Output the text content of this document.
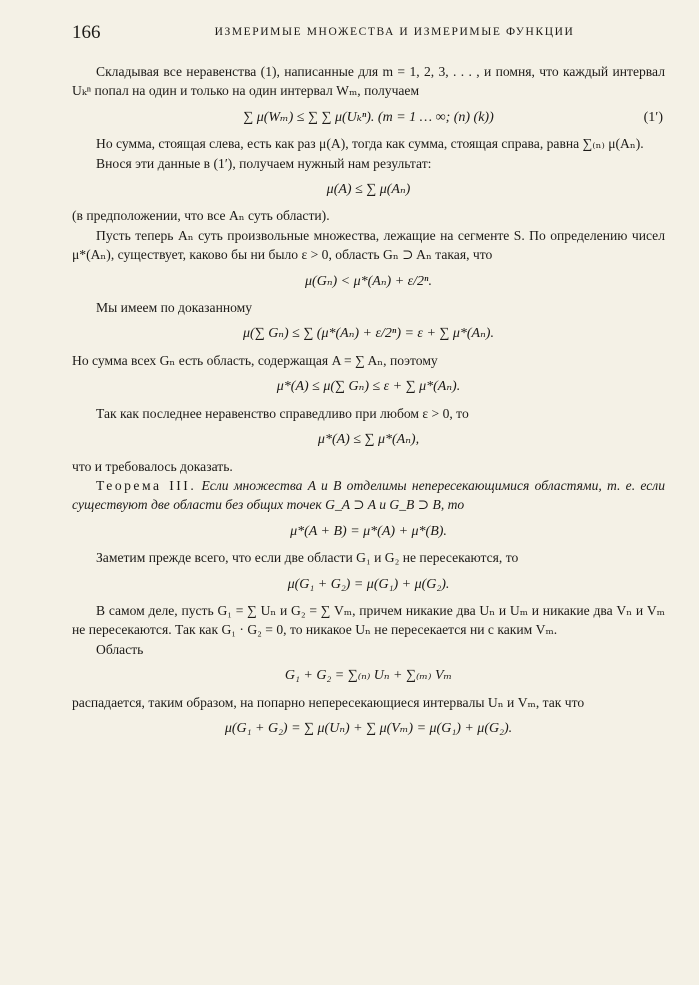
166	ИЗМЕРИМЫЕ МНОЖЕСТВА И ИЗМЕРИМЫЕ ФУНКЦИИ

Складывая все неравенства (1), написанные для m = 1, 2, 3, . . . , и помня, что каждый интервал Uₖⁿ попал на один и только на один интервал Wₘ, получаем

∑ μ(Wₘ) ≤ ∑ ∑ μ(Uₖⁿ). (m = 1 … ∞; (n) (k))	(1′)

Но сумма, стоящая слева, есть как раз μ(A), тогда как сумма, стоящая справа, равна ∑₍ₙ₎ μ(Aₙ).

Внося эти данные в (1′), получаем нужный нам результат:

μ(A) ≤ ∑ μ(Aₙ)

(в предположении, что все Aₙ суть области).

Пусть теперь Aₙ суть произвольные множества, лежащие на сегменте S. По определению чисел μ*(Aₙ), существует, каково бы ни было ε > 0, область Gₙ ⊃ Aₙ такая, что

μ(Gₙ) < μ*(Aₙ) + ε/2ⁿ.

Мы имеем по доказанному

μ(∑ Gₙ) ≤ ∑ (μ*(Aₙ) + ε/2ⁿ) = ε + ∑ μ*(Aₙ).

Но сумма всех Gₙ есть область, содержащая A = ∑ Aₙ, поэтому

μ*(A) ≤ μ(∑ Gₙ) ≤ ε + ∑ μ*(Aₙ).

Так как последнее неравенство справедливо при любом ε > 0, то

μ*(A) ≤ ∑ μ*(Aₙ),

что и требовалось доказать.

Теорема III. Если множества A и B отделимы непересекающимися областями, т. е. если существуют две области без общих точек G_A ⊃ A и G_B ⊃ B, то

μ*(A + B) = μ*(A) + μ*(B).

Заметим прежде всего, что если две области G₁ и G₂ не пересекаются, то

μ(G₁ + G₂) = μ(G₁) + μ(G₂).

В самом деле, пусть G₁ = ∑ Uₙ и G₂ = ∑ Vₘ, причем никакие два Uₙ и Uₘ и никакие два Vₙ и Vₘ не пересекаются. Так как G₁ · G₂ = 0, то никакое Uₙ не пересекается ни с каким Vₘ.

Область

G₁ + G₂ = ∑₍ₙ₎ Uₙ + ∑₍ₘ₎ Vₘ

распадается, таким образом, на попарно непересекающиеся интервалы Uₙ и Vₘ, так что

μ(G₁ + G₂) = ∑ μ(Uₙ) + ∑ μ(Vₘ) = μ(G₁) + μ(G₂).
